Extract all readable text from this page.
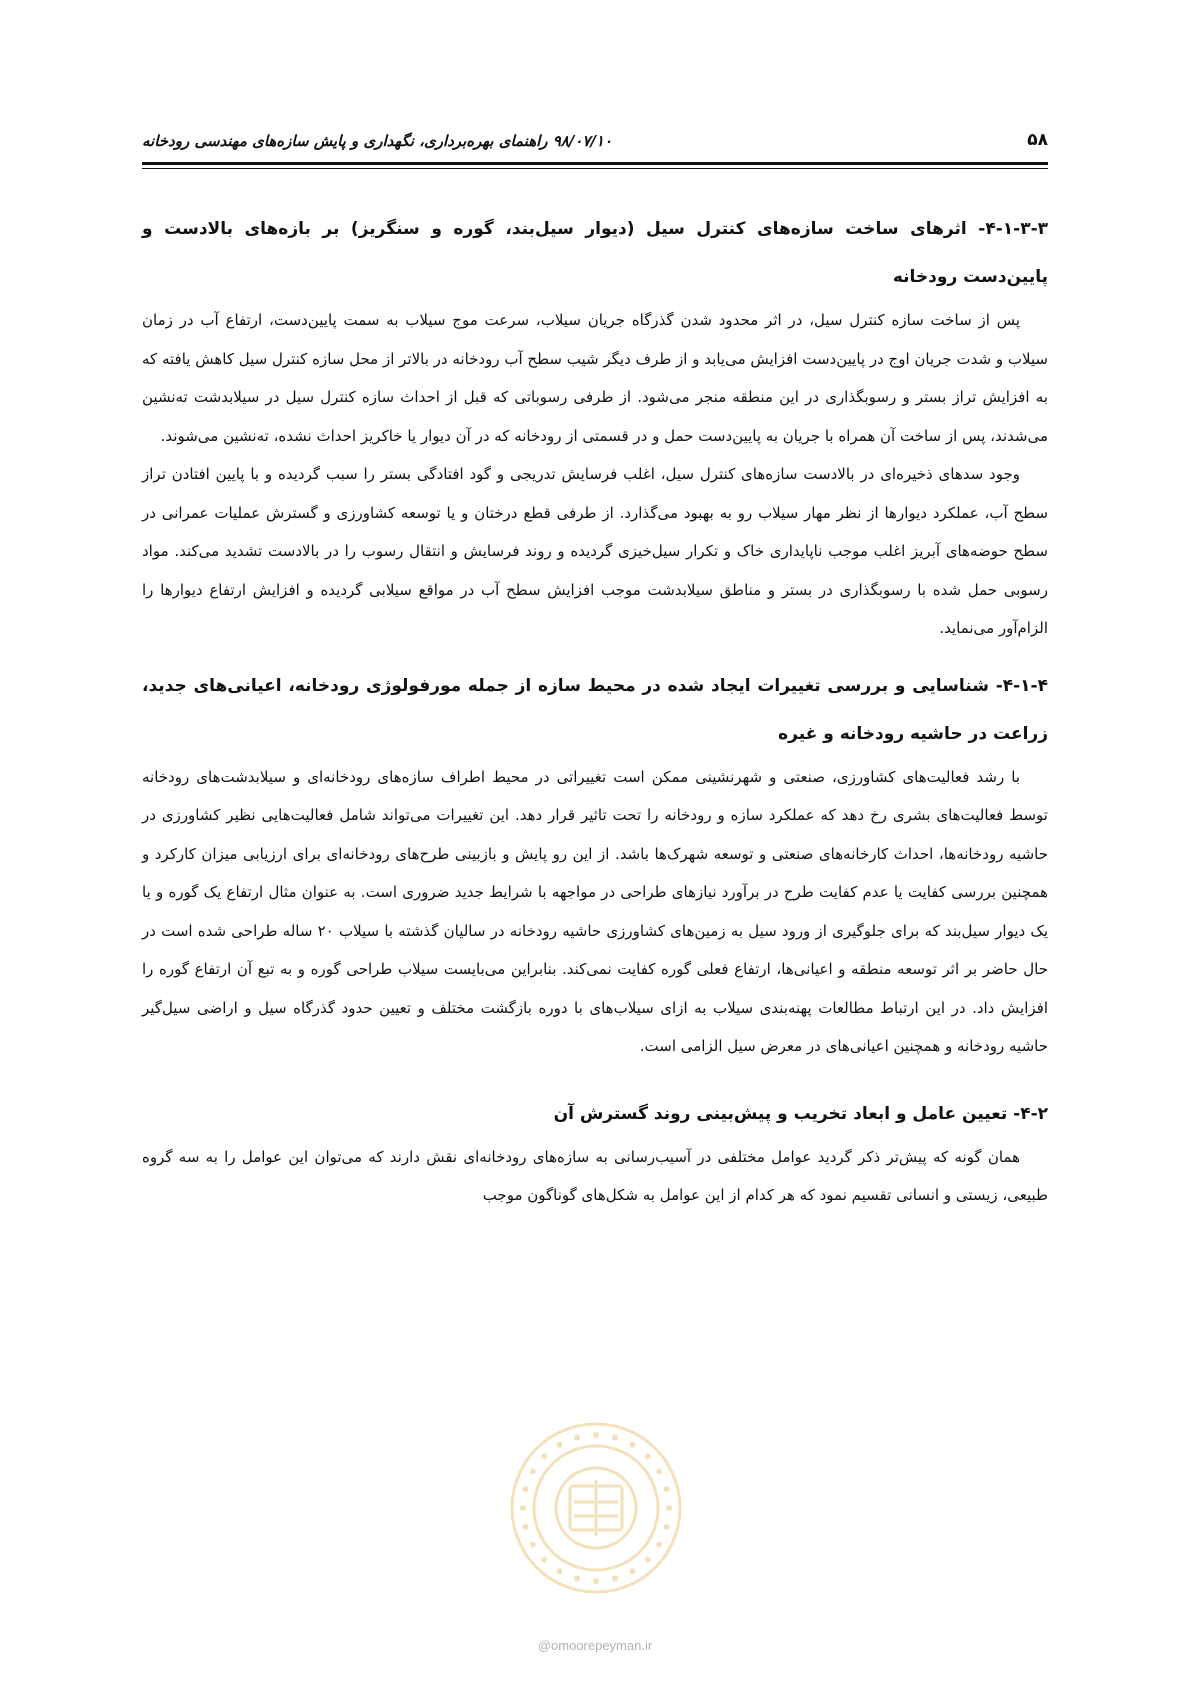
۵۸
۹۸/۰۷/۱۰ راهنمای بهره‌برداری، نگهداری و پایش سازه‌های مهندسی رودخانه
۴-۱-۳-۳- اثرهای ساخت سازه‌های کنترل سیل (دیوار سیل‌بند، گوره و سنگریز) بر بازه‌های بالادست و پایین‌دست رودخانه

پس از ساخت سازه کنترل سیل، در اثر محدود شدن گذرگاه جریان سیلاب، سرعت موج سیلاب به سمت پایین‌دست، ارتفاع آب در زمان سیلاب و شدت جریان اوج در پایین‌دست افزایش می‌یابد و از طرف دیگر شیب سطح آب رودخانه در بالاتر از محل سازه کنترل سیل کاهش یافته که به افزایش تراز بستر و رسوبگذاری در این منطقه منجر می‌شود. از طرفی رسوباتی که قبل از احداث سازه کنترل سیل در سیلابدشت ته‌نشین می‌شدند، پس از ساخت آن همراه با جریان به پایین‌دست حمل و در قسمتی از رودخانه که در آن دیوار یا خاکریز احداث نشده، ته‌نشین می‌شوند.

وجود سدهای ذخیره‌ای در بالادست سازه‌های کنترل سیل، اغلب فرسایش تدریجی و گود افتادگی بستر را سبب گردیده و با پایین افتادن تراز سطح آب، عملکرد دیوارها از نظر مهار سیلاب رو به بهبود می‌گذارد. از طرفی قطع درختان و یا توسعه کشاورزی و گسترش عملیات عمرانی در سطح حوضه‌های آبریز اغلب موجب ناپایداری خاک و تکرار سیل‌خیزی گردیده و روند فرسایش و انتقال رسوب را در بالادست تشدید می‌کند. مواد رسوبی حمل شده با رسوبگذاری در بستر و مناطق سیلابدشت موجب افزایش سطح آب در مواقع سیلابی گردیده و افزایش ارتفاع دیوارها را الزام‌آور می‌نماید.

۴-۱-۴- شناسایی و بررسی تغییرات ایجاد شده در محیط سازه از جمله مورفولوژی رودخانه، اعیانی‌های جدید، زراعت در حاشیه رودخانه و غیره

با رشد فعالیت‌های کشاورزی، صنعتی و شهرنشینی ممکن است تغییراتی در محیط اطراف سازه‌های رودخانه‌ای و سیلابدشت‌های رودخانه توسط فعالیت‌های بشری رخ دهد که عملکرد سازه و رودخانه را تحت تاثیر قرار دهد. این تغییرات می‌تواند شامل فعالیت‌هایی نظیر کشاورزی در حاشیه رودخانه‌ها، احداث کارخانه‌های صنعتی و توسعه شهرک‌ها باشد. از این رو پایش و بازبینی طرح‌های رودخانه‌ای برای ارزیابی میزان کارکرد و همچنین بررسی کفایت یا عدم کفایت طرح در برآورد نیازهای طراحی در مواجهه با شرایط جدید ضروری است. به عنوان مثال ارتفاع یک گوره و یا یک دیوار سیل‌بند که برای جلوگیری از ورود سیل به زمین‌های کشاورزی حاشیه رودخانه در سالیان گذشته با سیلاب ۲۰ ساله طراحی شده است در حال حاضر بر اثر توسعه منطقه و اعیانی‌ها، ارتفاع فعلی گوره کفایت نمی‌کند. بنابراین می‌بایست سیلاب طراحی گوره و به تبع آن ارتفاع گوره را افزایش داد. در این ارتباط مطالعات پهنه‌بندی سیلاب به ازای سیلاب‌های با دوره بازگشت مختلف و تعیین حدود گذرگاه سیل و اراضی سیل‌گیر حاشیه رودخانه و همچنین اعیانی‌های در معرض سیل الزامی است.

۴-۲- تعیین عامل و ابعاد تخریب و پیش‌بینی روند گسترش آن

همان گونه که پیش‌تر ذکر گردید عوامل مختلفی در آسیب‌رسانی به سازه‌های رودخانه‌ای نقش دارند که می‌توان این عوامل را به سه گروه طبیعی، زیستی و انسانی تقسیم نمود که هر کدام از این عوامل به شکل‌های گوناگون موجب

@omoorepeyman.ir
